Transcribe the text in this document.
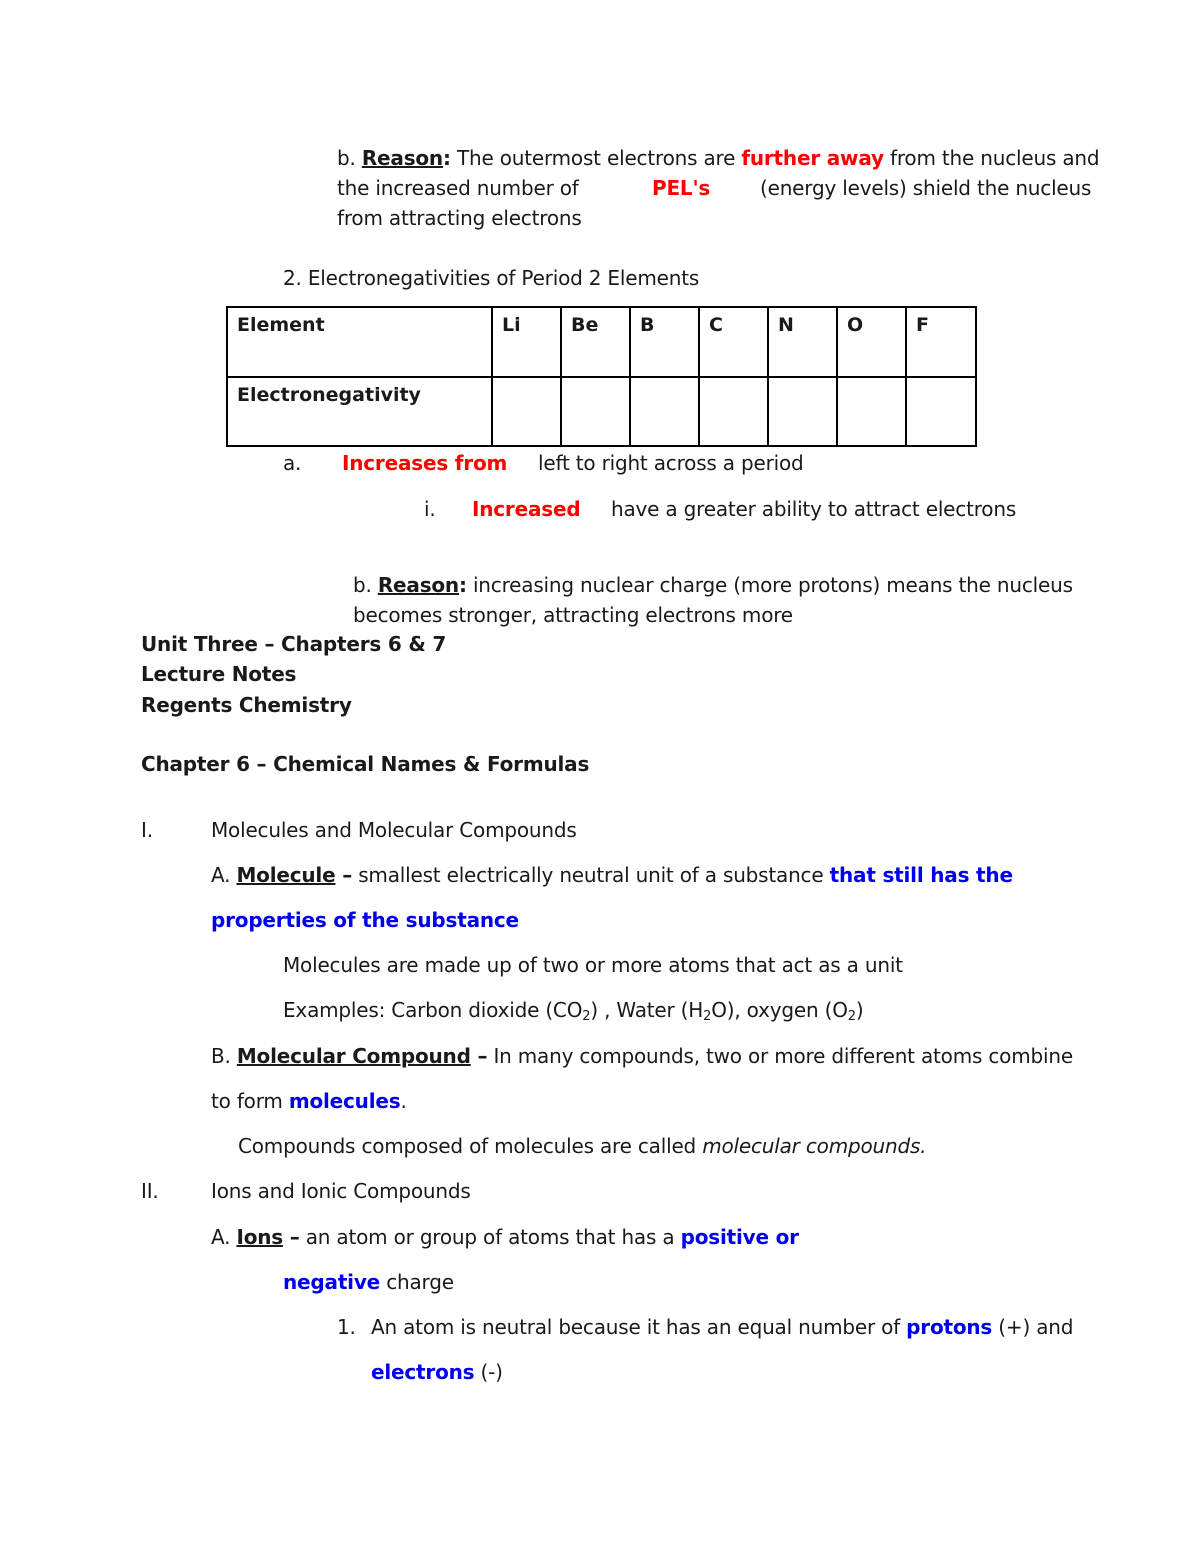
b. Reason: The outermost electrons are further away from the nucleus and
the increased number of	PEL's (energy levels) shield the nucleus
from attracting electrons
2. Electronegativities of Period 2 Elements
Element	Li	Be	B	C	N	O	F
Electronegativity							
a. Increases from left to right across a period
i. Increased have a greater ability to attract electrons
b. Reason: increasing nuclear charge (more protons) means the nucleus
becomes stronger, attracting electrons more
Unit Three – Chapters 6 & 7
Lecture Notes
Regents Chemistry
Chapter 6 – Chemical Names & Formulas
I.	Molecules and Molecular Compounds
A. Molecule – smallest electrically neutral unit of a substance that still has the
properties of the substance
Molecules are made up of two or more atoms that act as a unit
Examples: Carbon dioxide $(CO_2)$ , Water $(H_2O)$, oxygen $(O_2)$
B. Molecular Compound – In many compounds, two or more different atoms combine
to form molecules.
Compounds composed of molecules are called molecular compounds.
II.	Ions and Ionic Compounds
A. Ions – an atom or group of atoms that has a positive or
negative charge
1. An atom is neutral because it has an equal number of protons (+) and
electrons (-)
